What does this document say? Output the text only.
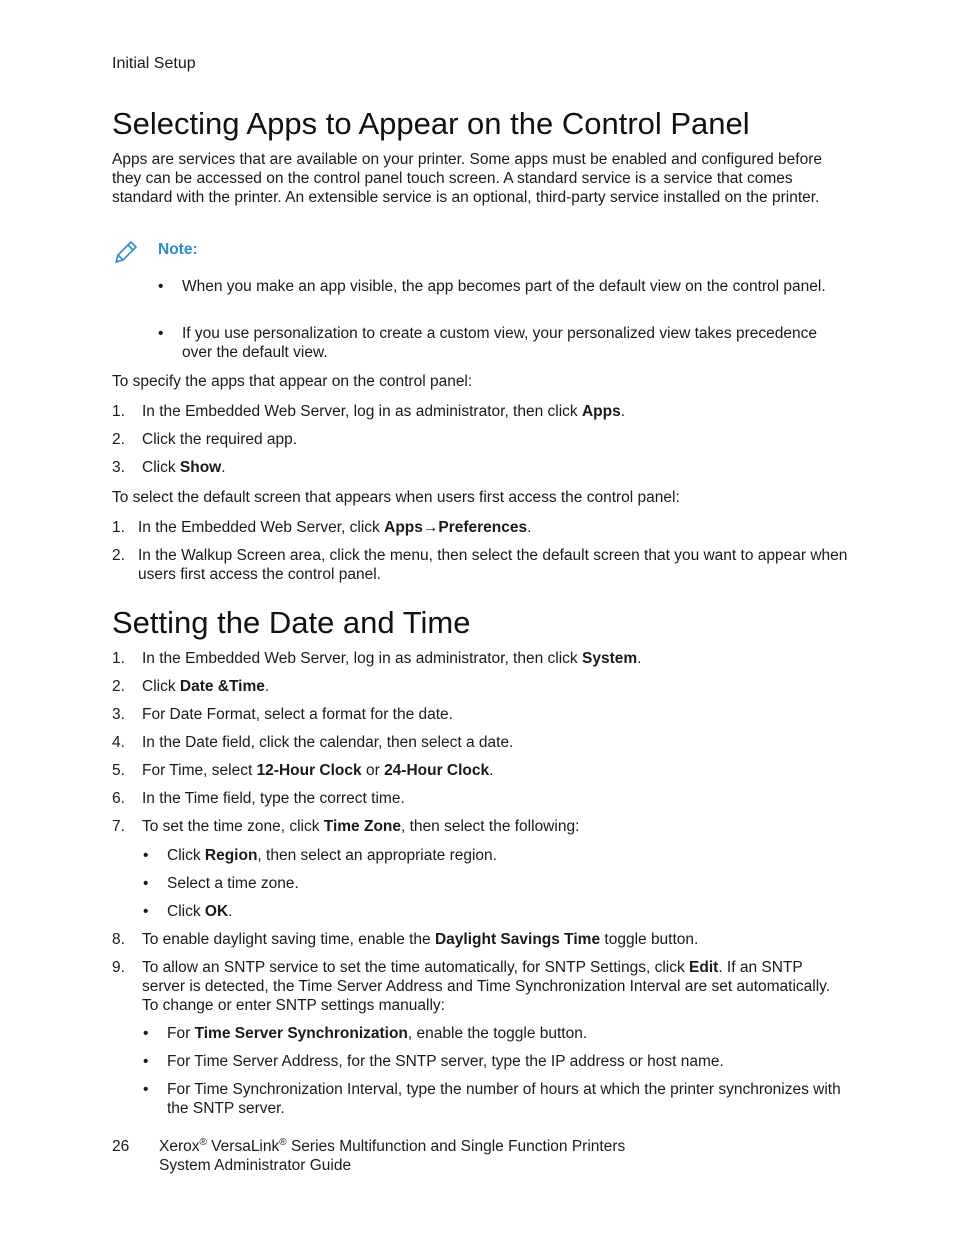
Initial Setup
Selecting Apps to Appear on the Control Panel

Apps are services that are available on your printer. Some apps must be enabled and configured before they can be accessed on the control panel touch screen. A standard service is a service that comes standard with the printer. An extensible service is an optional, third-party service installed on the printer.

Note:
• When you make an app visible, the app becomes part of the default view on the control panel.
• If you use personalization to create a custom view, your personalized view takes precedence over the default view.
To specify the apps that appear on the control panel:
1. In the Embedded Web Server, log in as administrator, then click Apps.
2. Click the required app.
3. Click Show.
To select the default screen that appears when users first access the control panel:
1. In the Embedded Web Server, click Apps→Preferences.
2. In the Walkup Screen area, click the menu, then select the default screen that you want to appear when users first access the control panel.
Setting the Date and Time
1. In the Embedded Web Server, log in as administrator, then click System.
2. Click Date &Time.
3. For Date Format, select a format for the date.
4. In the Date field, click the calendar, then select a date.
5. For Time, select 12-Hour Clock or 24-Hour Clock.
6. In the Time field, type the correct time.
7. To set the time zone, click Time Zone, then select the following:
• Click Region, then select an appropriate region.
• Select a time zone.
• Click OK.
8. To enable daylight saving time, enable the Daylight Savings Time toggle button.
9. To allow an SNTP service to set the time automatically, for SNTP Settings, click Edit. If an SNTP server is detected, the Time Server Address and Time Synchronization Interval are set automatically. To change or enter SNTP settings manually:
• For Time Server Synchronization, enable the toggle button.
• For Time Server Address, for the SNTP server, type the IP address or host name.
• For Time Synchronization Interval, type the number of hours at which the printer synchronizes with the SNTP server.
26 Xerox® VersaLink® Series Multifunction and Single Function Printers
System Administrator Guide
